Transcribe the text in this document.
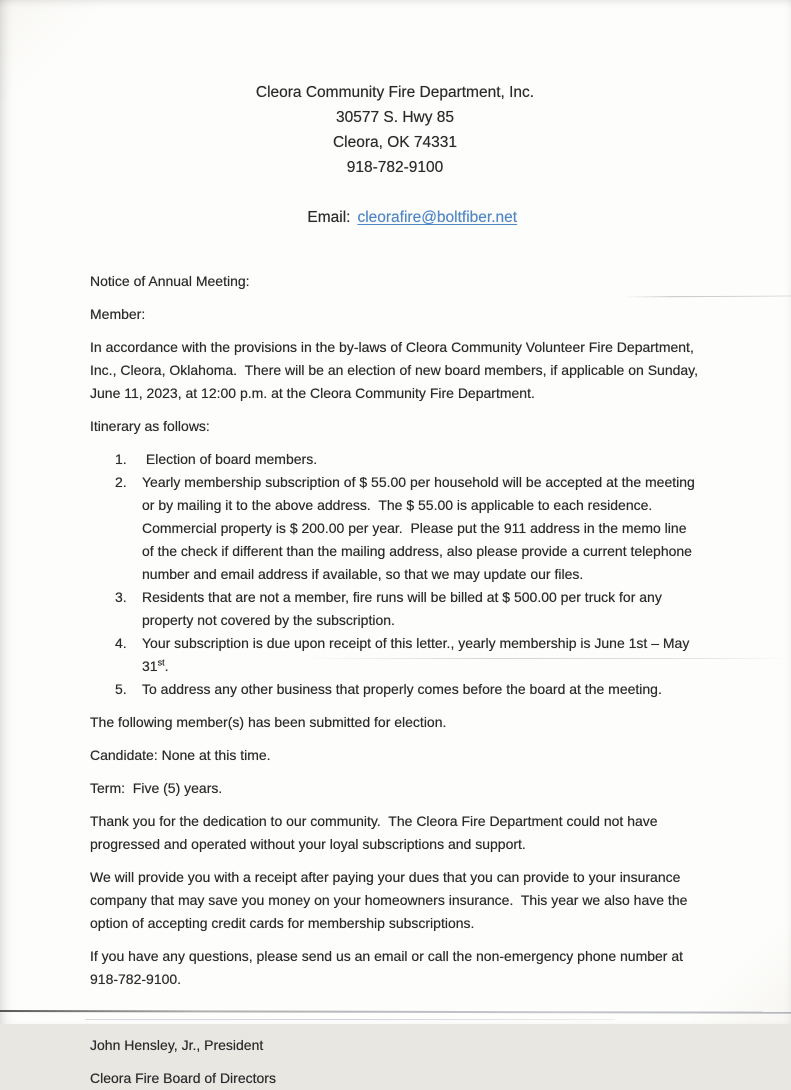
Cleora Community Fire Department, Inc.
30577 S. Hwy 85
Cleora, OK 74331
918-782-9100

Email: cleorafire@boltfiber.net

Notice of Annual Meeting:

Member:

In accordance with the provisions in the by-laws of Cleora Community Volunteer Fire Department, Inc., Cleora, Oklahoma.  There will be an election of new board members, if applicable on Sunday, June 11, 2023, at 12:00 p.m. at the Cleora Community Fire Department.

Itinerary as follows:

1.	Election of board members.
2.	Yearly membership subscription of $ 55.00 per household will be accepted at the meeting or by mailing it to the above address.  The $ 55.00 is applicable to each residence.  Commercial property is $ 200.00 per year.  Please put the 911 address in the memo line of the check if different than the mailing address, also please provide a current telephone number and email address if available, so that we may update our files.
3.	Residents that are not a member, fire runs will be billed at $ 500.00 per truck for any property not covered by the subscription.
4.	Your subscription is due upon receipt of this letter., yearly membership is June 1st – May 31st.
5.	To address any other business that properly comes before the board at the meeting.

The following member(s) has been submitted for election.

Candidate: None at this time.

Term:  Five (5) years.

Thank you for the dedication to our community.  The Cleora Fire Department could not have progressed and operated without your loyal subscriptions and support.

We will provide you with a receipt after paying your dues that you can provide to your insurance company that may save you money on your homeowners insurance.  This year we also have the option of accepting credit cards for membership subscriptions.

If you have any questions, please send us an email or call the non-emergency phone number at 918-782-9100.

John Hensley, Jr., President
Cleora Fire Board of Directors
